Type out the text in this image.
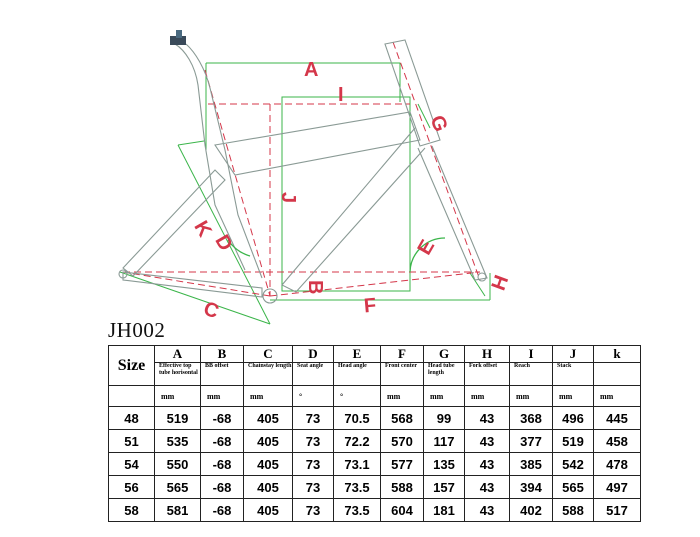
A
I
G
J
K
D	E
B	H
C	F
JH002
Size	A	B	C	D	E	F	G	H	I	J	k
	Effective top tube horisontal	BB offset	Chainstay length	Seat angle	Head angle	Front center	Head tube length	Fork offset	Reach	Stack	
	mm	mm	mm	°	°	mm	mm	mm	mm	mm	mm
48	519	-68	405	73	70.5	568	99	43	368	496	445
51	535	-68	405	73	72.2	570	117	43	377	519	458
54	550	-68	405	73	73.1	577	135	43	385	542	478
56	565	-68	405	73	73.5	588	157	43	394	565	497
58	581	-68	405	73	73.5	604	181	43	402	588	517
